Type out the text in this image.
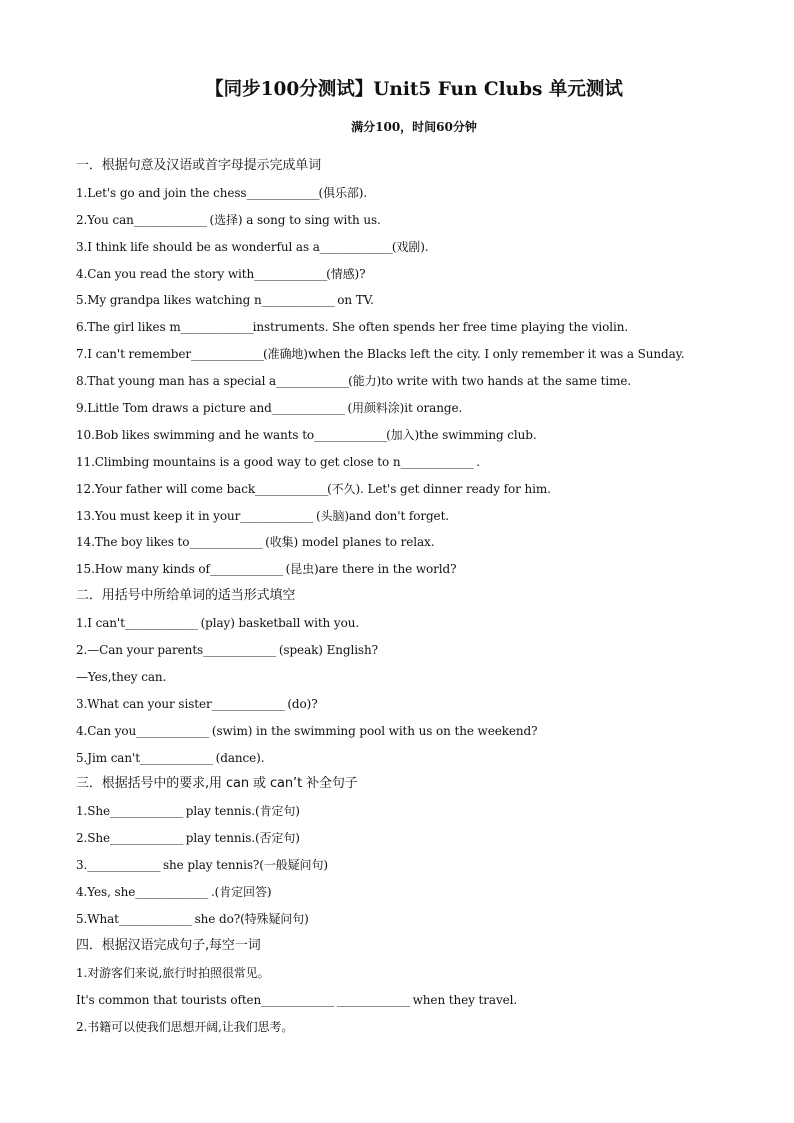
【同步100分测试】Unit5 Fun Clubs 单元测试
满分100，时间60分钟
一．根据句意及汉语或首字母提示完成单词
1.Let's go and join the chess_______________(俱乐部).
2.You can_______________ (选择) a song to sing with us.
3.I think life should be as wonderful as a_______________(戏剧).
4.Can you read the story with_______________(情感)?
5.My grandpa likes watching n_______________ on TV.
6.The girl likes m_______________instruments. She often spends her free time playing the violin.
7.I can't remember_______________(准确地)when the Blacks left the city. I only remember it was a Sunday.
8.That young man has a special a_______________(能力)to write with two hands at the same time.
9.Little Tom draws a picture and_______________ (用颜料涂)it orange.
10.Bob likes swimming and he wants to_______________(加入)the swimming club.
11.Climbing mountains is a good way to get close to n_______________ .
12.Your father will come back_______________(不久). Let's get dinner ready for him.
13.You must keep it in your_______________ (头脑)and don't forget.
14.The boy likes to_______________ (收集) model planes to relax.
15.How many kinds of_______________ (昆虫)are there in the world?
二．用括号中所给单词的适当形式填空
1.I can't_______________ (play) basketball with you.
2.—Can your parents_______________ (speak) English?
—Yes,they can.
3.What can your sister_______________ (do)?
4.Can you_______________ (swim) in the swimming pool with us on the weekend?
5.Jim can't_______________ (dance).
三．根据括号中的要求,用 can 或 can’t 补全句子
1.She_______________ play tennis.(肯定句)
2.She_______________ play tennis.(否定句)
3._______________ she play tennis?(一般疑问句)
4.Yes, she_______________ .(肯定回答)
5.What_______________ she do?(特殊疑问句)
四．根据汉语完成句子,每空一词
1.对游客们来说,旅行时拍照很常见。
It's common that tourists often_______________ _______________ when they travel.
2.书籍可以使我们思想开阔,让我们思考。
